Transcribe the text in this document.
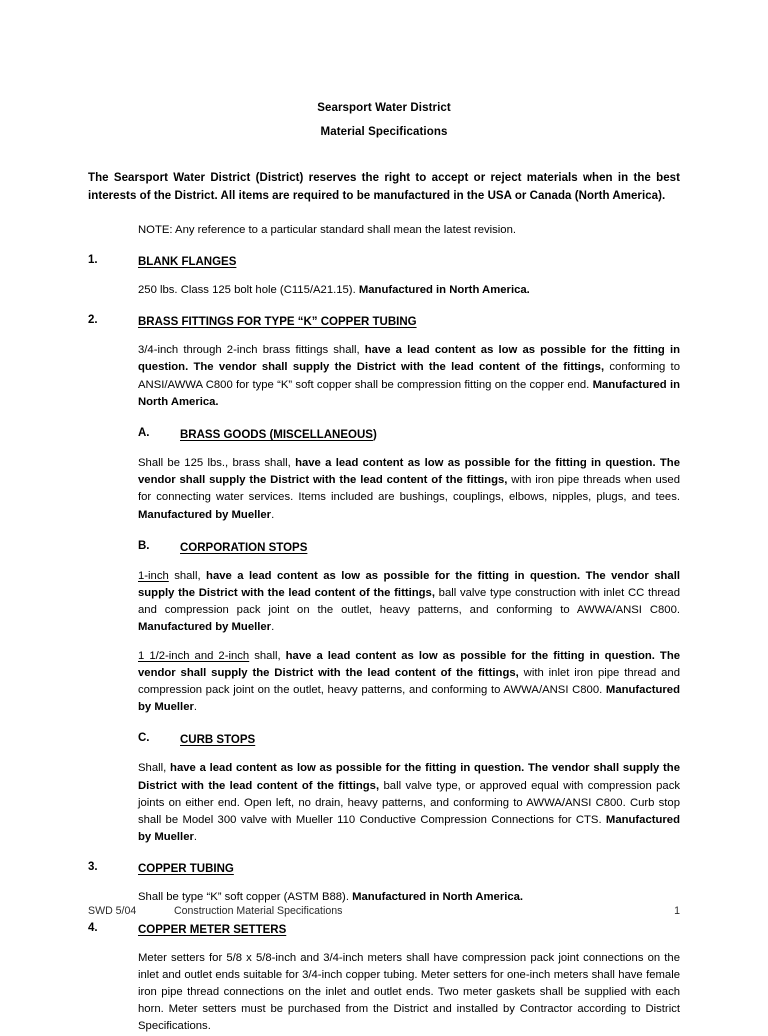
Searsport Water District
Material Specifications
The Searsport Water District (District) reserves the right to accept or reject materials when in the best interests of the District. All items are required to be manufactured in the USA or Canada (North America).
NOTE: Any reference to a particular standard shall mean the latest revision.
1.	BLANK FLANGES
250 lbs. Class 125 bolt hole (C115/A21.15). Manufactured in North America.
2.	BRASS FITTINGS FOR TYPE “K” COPPER TUBING
3/4-inch through 2-inch brass fittings shall, have a lead content as low as possible for the fitting in question. The vendor shall supply the District with the lead content of the fittings, conforming to ANSI/AWWA C800 for type “K” soft copper shall be compression fitting on the copper end. Manufactured in North America.
A.	BRASS GOODS (MISCELLANEOUS)
Shall be 125 lbs., brass shall, have a lead content as low as possible for the fitting in question. The vendor shall supply the District with the lead content of the fittings, with iron pipe threads when used for connecting water services. Items included are bushings, couplings, elbows, nipples, plugs, and tees. Manufactured by Mueller.
B.	CORPORATION STOPS
1-inch shall, have a lead content as low as possible for the fitting in question. The vendor shall supply the District with the lead content of the fittings, ball valve type construction with inlet CC thread and compression pack joint on the outlet, heavy patterns, and conforming to AWWA/ANSI C800. Manufactured by Mueller.
1 1/2-inch and 2-inch shall, have a lead content as low as possible for the fitting in question. The vendor shall supply the District with the lead content of the fittings, with inlet iron pipe thread and compression pack joint on the outlet, heavy patterns, and conforming to AWWA/ANSI C800. Manufactured by Mueller.
C.	CURB STOPS
Shall, have a lead content as low as possible for the fitting in question. The vendor shall supply the District with the lead content of the fittings, ball valve type, or approved equal with compression pack joints on either end. Open left, no drain, heavy patterns, and conforming to AWWA/ANSI C800. Curb stop shall be Model 300 valve with Mueller 110 Conductive Compression Connections for CTS. Manufactured by Mueller.
3.	COPPER TUBING
Shall be type “K” soft copper (ASTM B88). Manufactured in North America.
4.	COPPER METER SETTERS
Meter setters for 5/8 x 5/8-inch and 3/4-inch meters shall have compression pack joint connections on the inlet and outlet ends suitable for 3/4-inch copper tubing. Meter setters for one-inch meters shall have female iron pipe thread connections on the inlet and outlet ends. Two meter gaskets shall be supplied with each horn. Meter setters must be purchased from the District and installed by Contractor according to District Specifications.
SWD 5/04	Construction Material Specifications	1
